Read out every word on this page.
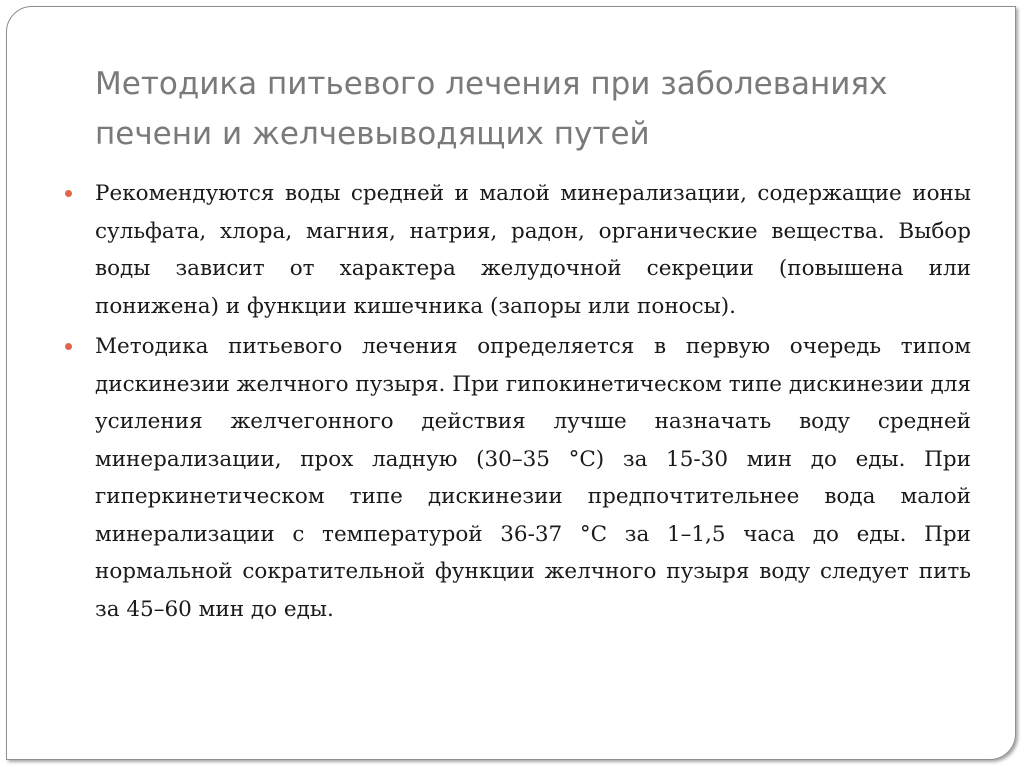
Методика питьевого лечения при заболеваниях печени и желчевыводящих путей
Рекомендуются воды средней и малой минерализации, содержащие ионы сульфата, хлора, магния, натрия, радон, органические вещества. Выбор воды зависит от характера желудочной секреции (повышена или понижена) и функции кишечника (запоры или поносы).
Методика питьевого лечения определяется в первую очередь типом дискинезии желчного пузыря. При гипокинетическом типе дискинезии для усиления желчегонного действия лучше назначать воду средней минерализации, прох ладную (30–35 °С) за 15-30 мин до еды. При гиперкинетическом типе дискинезии предпочтительнее вода малой минерализации с температурой 36-37 °С за 1–1,5 часа до еды. При нормальной сократительной функции желчного пузыря воду следует пить за 45–60 мин до еды.
